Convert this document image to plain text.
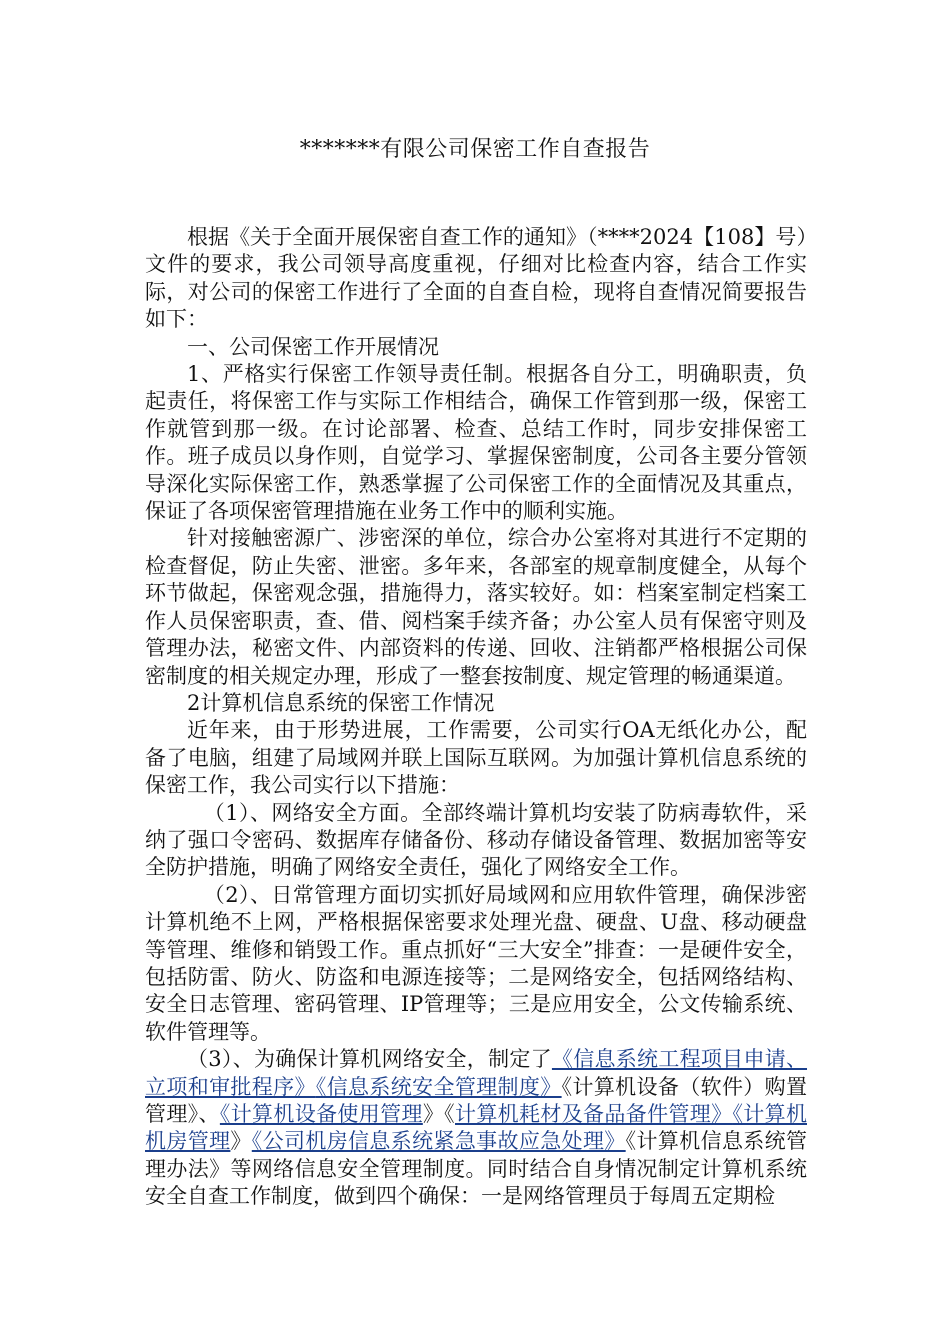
*******有限公司保密工作自查报告

根据《关于全面开展保密自查工作的通知》（****2024【108】号）文件的要求，我公司领导高度重视，仔细对比检查内容，结合工作实际，对公司的保密工作进行了全面的自查自检，现将自查情况简要报告如下：

一、公司保密工作开展情况

1、严格实行保密工作领导责任制。根据各自分工，明确职责，负起责任，将保密工作与实际工作相结合，确保工作管到那一级，保密工作就管到那一级。在讨论部署、检查、总结工作时，同步安排保密工作。班子成员以身作则，自觉学习、掌握保密制度，公司各主要分管领导深化实际保密工作，熟悉掌握了公司保密工作的全面情况及其重点，保证了各项保密管理措施在业务工作中的顺利实施。

针对接触密源广、涉密深的单位，综合办公室将对其进行不定期的检查督促，防止失密、泄密。多年来，各部室的规章制度健全，从每个环节做起，保密观念强，措施得力，落实较好。如：档案室制定档案工作人员保密职责，查、借、阅档案手续齐备；办公室人员有保密守则及管理办法，秘密文件、内部资料的传递、回收、注销都严格根据公司保密制度的相关规定办理，形成了一整套按制度、规定管理的畅通渠道。

2计算机信息系统的保密工作情况

近年来，由于形势进展，工作需要，公司实行OA无纸化办公，配备了电脑，组建了局域网并联上国际互联网。为加强计算机信息系统的保密工作，我公司实行以下措施：

（1）、网络安全方面。全部终端计算机均安装了防病毒软件，采纳了强口令密码、数据库存储备份、移动存储设备管理、数据加密等安全防护措施，明确了网络安全责任，强化了网络安全工作。

（2）、日常管理方面切实抓好局域网和应用软件管理，确保涉密计算机绝不上网，严格根据保密要求处理光盘、硬盘、U盘、移动硬盘等管理、维修和销毁工作。重点抓好“三大安全”排查：一是硬件安全，包括防雷、防火、防盗和电源连接等；二是网络安全，包括网络结构、安全日志管理、密码管理、IP管理等；三是应用安全，公文传输系统、软件管理等。

（3）、为确保计算机网络安全，制定了《信息系统工程项目申请、立项和审批程序》《信息系统安全管理制度》《计算机设备（软件）购置管理》、《计算机设备使用管理》《计算机耗材及备品备件管理》《计算机机房管理》《公司机房信息系统紧急事故应急处理》《计算机信息系统管理办法》等网络信息安全管理制度。同时结合自身情况制定计算机系统安全自查工作制度，做到四个确保：一是网络管理员于每周五定期检
